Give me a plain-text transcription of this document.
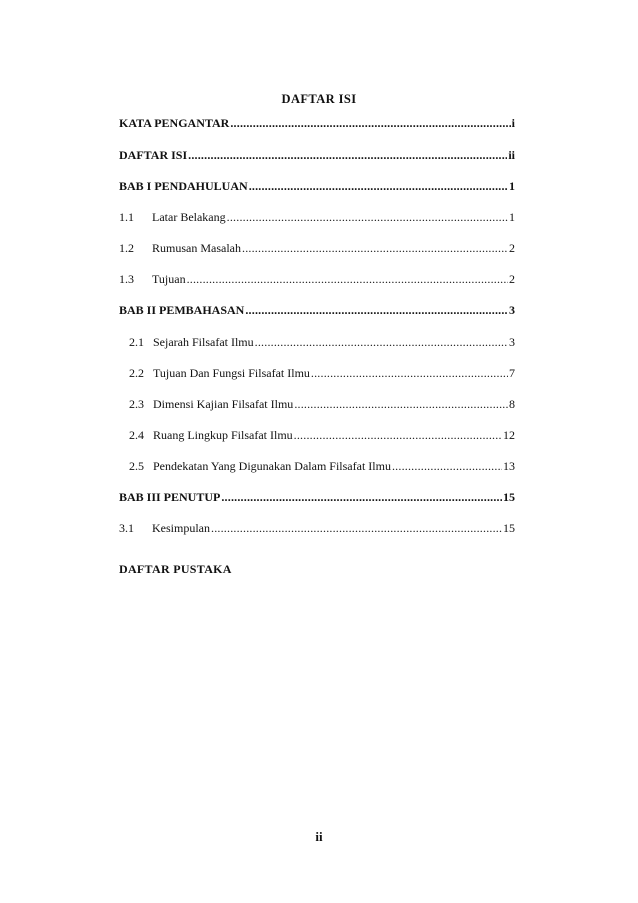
DAFTAR ISI
KATA PENGANTAR .....	i
DAFTAR ISI .....	ii
BAB I PENDAHULUAN .....	1
1.1	Latar Belakang .....	1
1.2	Rumusan Masalah .....	2
1.3	Tujuan .....	2
BAB II PEMBAHASAN .....	3
2.1 Sejarah Filsafat Ilmu .....	3
2.2 Tujuan Dan Fungsi Filsafat Ilmu .....	7
2.3 Dimensi Kajian Filsafat Ilmu .....	8
2.4 Ruang Lingkup Filsafat Ilmu .....	12
2.5 Pendekatan Yang Digunakan Dalam Filsafat Ilmu .....	13
BAB III PENUTUP .....	15
3.1	Kesimpulan .....	15
DAFTAR PUSTAKA
ii
